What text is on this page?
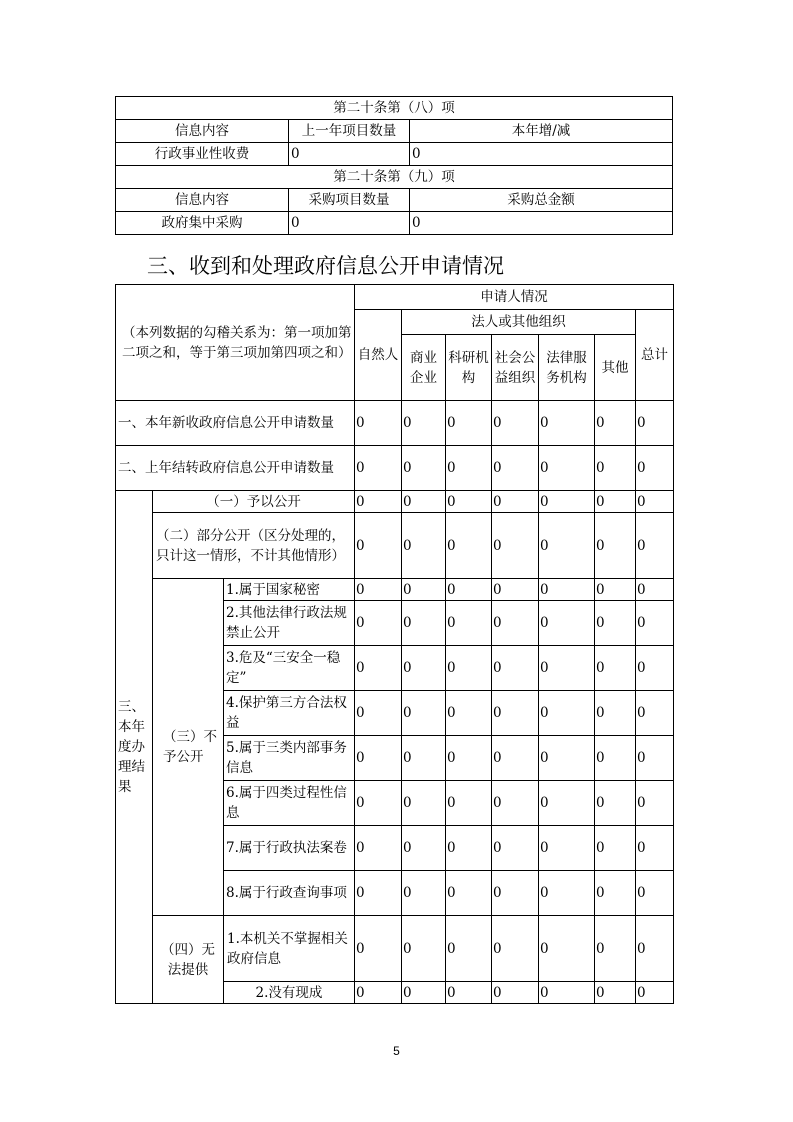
第二十条第（八）项		
信息内容	上一年项目数量	本年增/减
行政事业性收费	0	0
第二十条第（九）项		
信息内容	采购项目数量	采购总金额
政府集中采购	0	0
三、收到和处理政府信息公开申请情况
（本列数据的勾稽关系为：第一项加第二项之和，等于第三项加第四项之和）			申请人情况						
			自然人	法人或其他组织					总计
				商业企业	科研机构	社会公益组织	法律服务机构	其他	
一、本年新收政府信息公开申请数量			0	0	0	0	0	0	0
二、上年结转政府信息公开申请数量			0	0	0	0	0	0	0
三、本年度办理结果	（一）予以公开		0	0	0	0	0	0	0
	（二）部分公开（区分处理的，只计这一情形，不计其他情形）		0	0	0	0	0	0	0
	（三）不予公开	1.属于国家秘密	0	0	0	0	0	0	0
		2.其他法律行政法规禁止公开	0	0	0	0	0	0	0
		3.危及“三安全一稳定”	0	0	0	0	0	0	0
		4.保护第三方合法权益	0	0	0	0	0	0	0
		5.属于三类内部事务信息	0	0	0	0	0	0	0
		6.属于四类过程性信息	0	0	0	0	0	0	0
		7.属于行政执法案卷	0	0	0	0	0	0	0
		8.属于行政查询事项	0	0	0	0	0	0	0
	（四）无法提供	1.本机关不掌握相关政府信息	0	0	0	0	0	0	0
		2.没有现成	0	0	0	0	0	0	0
5
